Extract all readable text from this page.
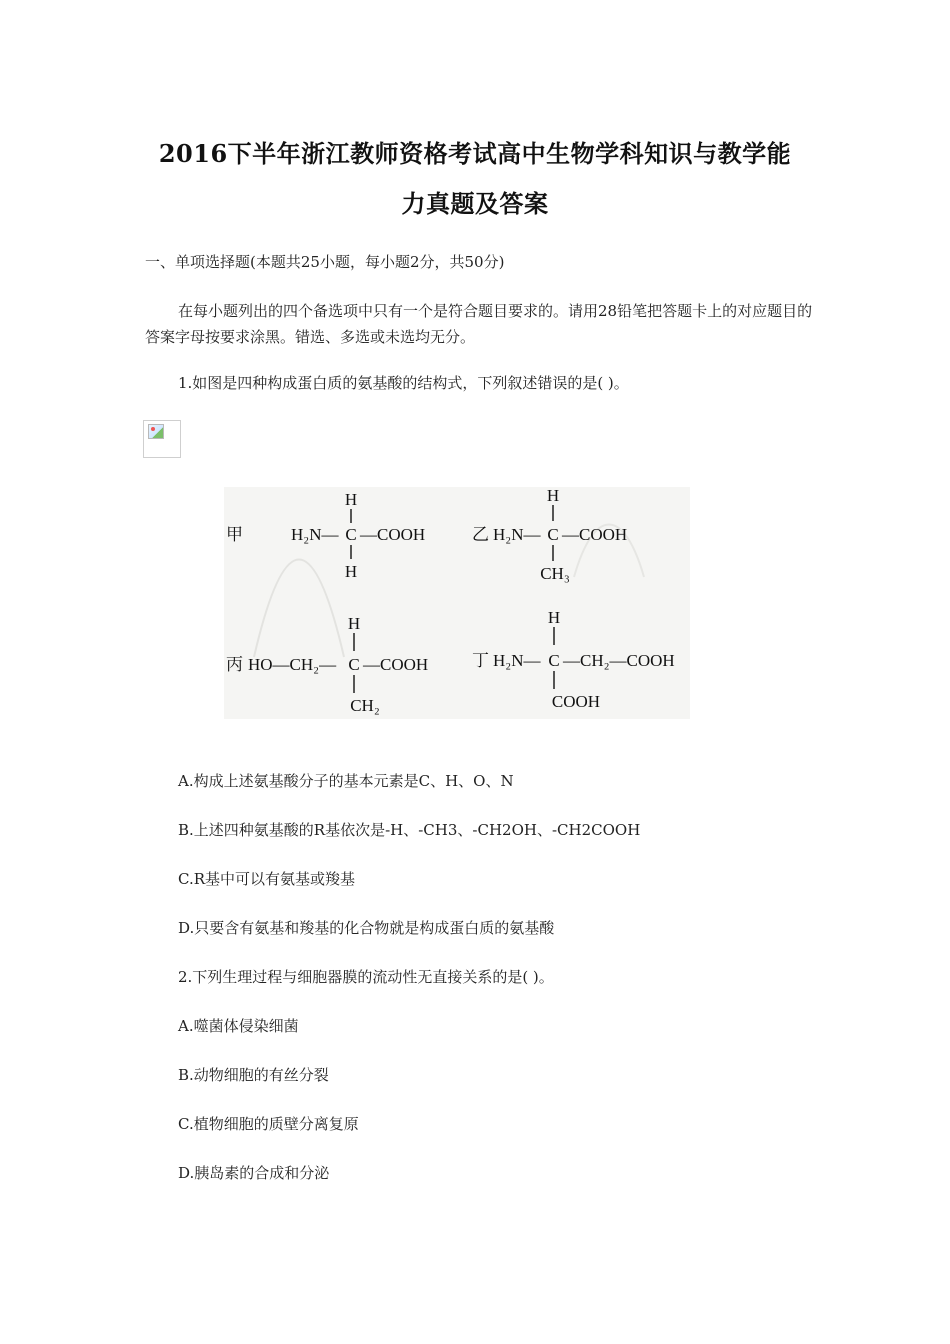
2016下半年浙江教师资格考试高中生物学科知识与教学能
力真题及答案
一、单项选择题(本题共25小题，每小题2分，共50分)
在每小题列出的四个备选项中只有一个是符合题目要求的。请用28铅笔把答题卡上的对应题目的答案字母按要求涂黑。错选、多选或未选均无分。
1.如图是四种构成蛋白质的氨基酸的结构式，下列叙述错误的是( )。
甲
H
H₂N— C —COOH
H
乙
H
H₂N— C —COOH
CH₃
丙
H
HO—CH₂— C —COOH
CH₂
丁
H
H₂N— C —CH₂—COOH
COOH
A.构成上述氨基酸分子的基本元素是C、H、O、N
B.上述四种氨基酸的R基依次是-H、-CH3、-CH2OH、-CH2COOH
C.R基中可以有氨基或羧基
D.只要含有氨基和羧基的化合物就是构成蛋白质的氨基酸
2.下列生理过程与细胞器膜的流动性无直接关系的是( )。
A.噬菌体侵染细菌
B.动物细胞的有丝分裂
C.植物细胞的质壁分离复原
D.胰岛素的合成和分泌
